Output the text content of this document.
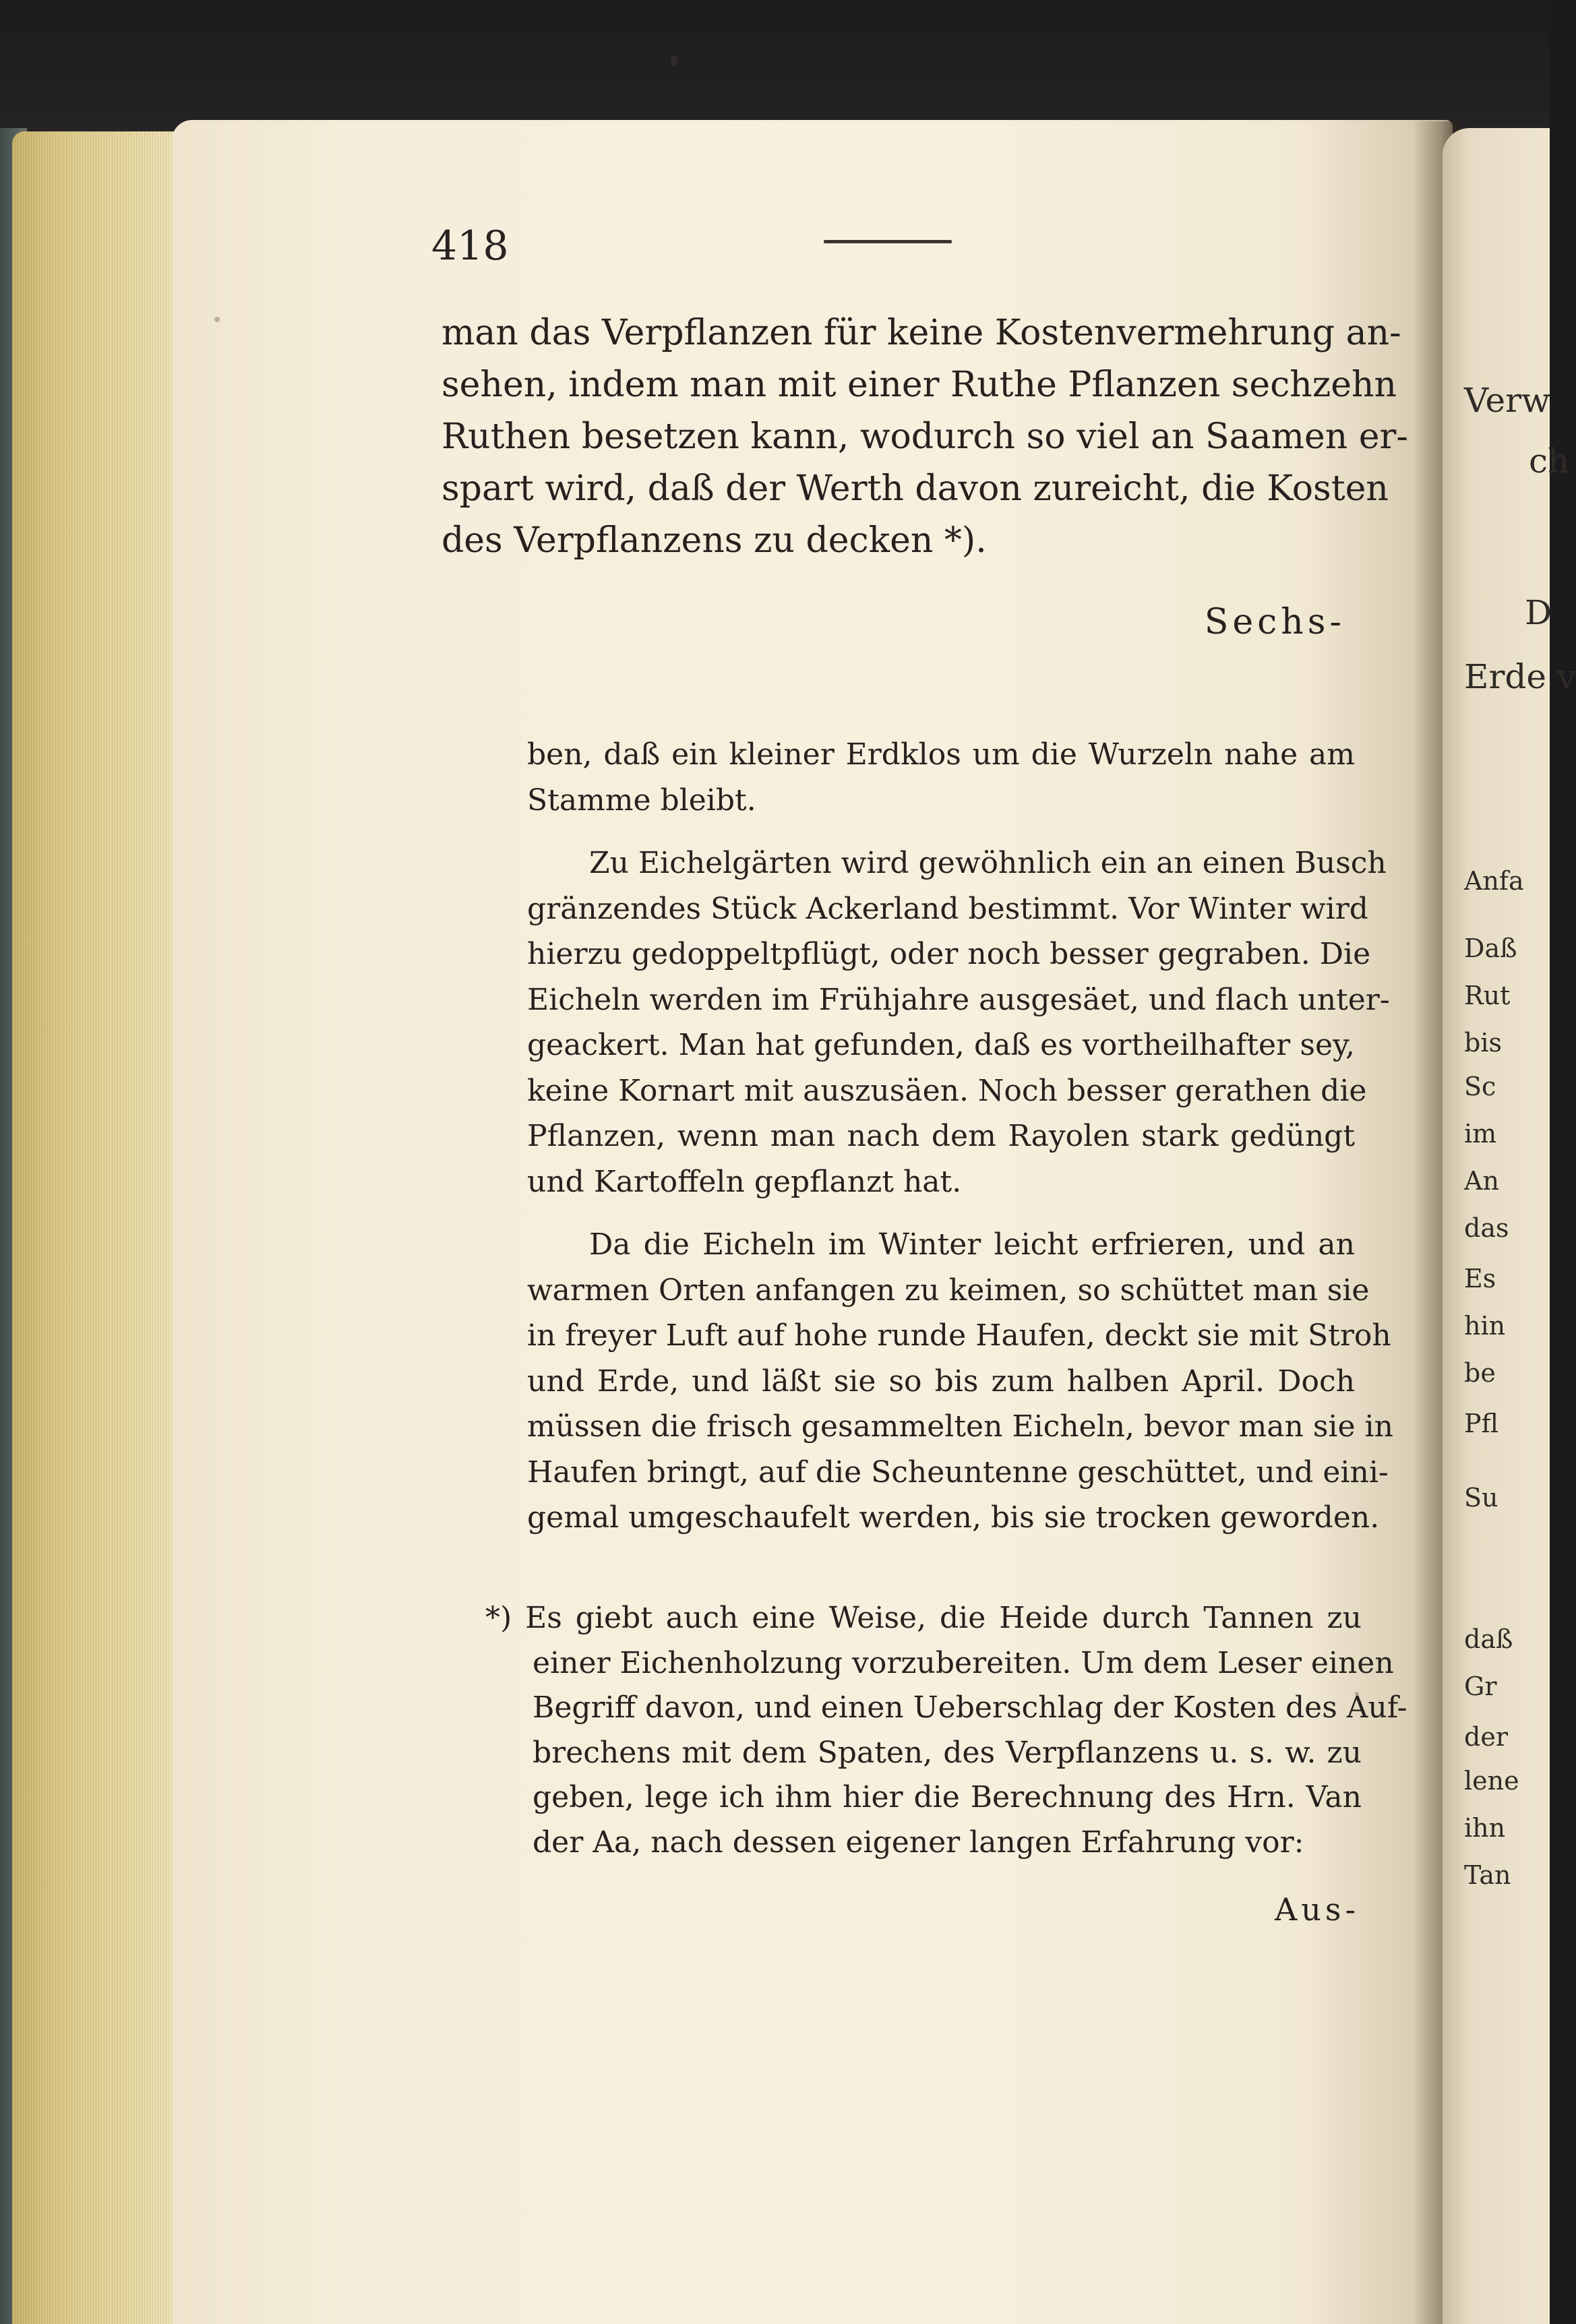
Verw
ch
D
Erde v
Anfa
Daß
Rut
bis
Sc
im
An
das
Es
hin
be
Pfl
Su
daß
Gr
der
lene
ihn
Tan
418
man das Verpflanzen für keine Kostenvermehrung an-
sehen, indem man mit einer Ruthe Pflanzen sechzehn
Ruthen besetzen kann, wodurch so viel an Saamen er-
spart wird, daß der Werth davon zureicht, die Kosten
des Verpflanzens zu decken *).
Sechs-
ben, daß ein kleiner Erdklos um die Wurzeln nahe am
Stamme bleibt.
Zu Eichelgärten wird gewöhnlich ein an einen Busch
gränzendes Stück Ackerland bestimmt. Vor Winter wird
hierzu gedoppeltpflügt, oder noch besser gegraben. Die
Eicheln werden im Frühjahre ausgesäet, und flach unter-
geackert. Man hat gefunden, daß es vortheilhafter sey,
keine Kornart mit auszusäen. Noch besser gerathen die
Pflanzen, wenn man nach dem Rayolen stark gedüngt
und Kartoffeln gepflanzt hat.
Da die Eicheln im Winter leicht erfrieren, und an
warmen Orten anfangen zu keimen, so schüttet man sie
in freyer Luft auf hohe runde Haufen, deckt sie mit Stroh
und Erde, und läßt sie so bis zum halben April. Doch
müssen die frisch gesammelten Eicheln, bevor man sie in
Haufen bringt, auf die Scheuntenne geschüttet, und eini-
gemal umgeschaufelt werden, bis sie trocken geworden.
*) Es giebt auch eine Weise, die Heide durch Tannen zu
einer Eichenholzung vorzubereiten. Um dem Leser einen
Begriff davon, und einen Ueberschlag der Kosten des Auf-
brechens mit dem Spaten, des Verpflanzens u. s. w. zu
geben, lege ich ihm hier die Berechnung des Hrn. Van
der Aa, nach dessen eigener langen Erfahrung vor:
Aus-
